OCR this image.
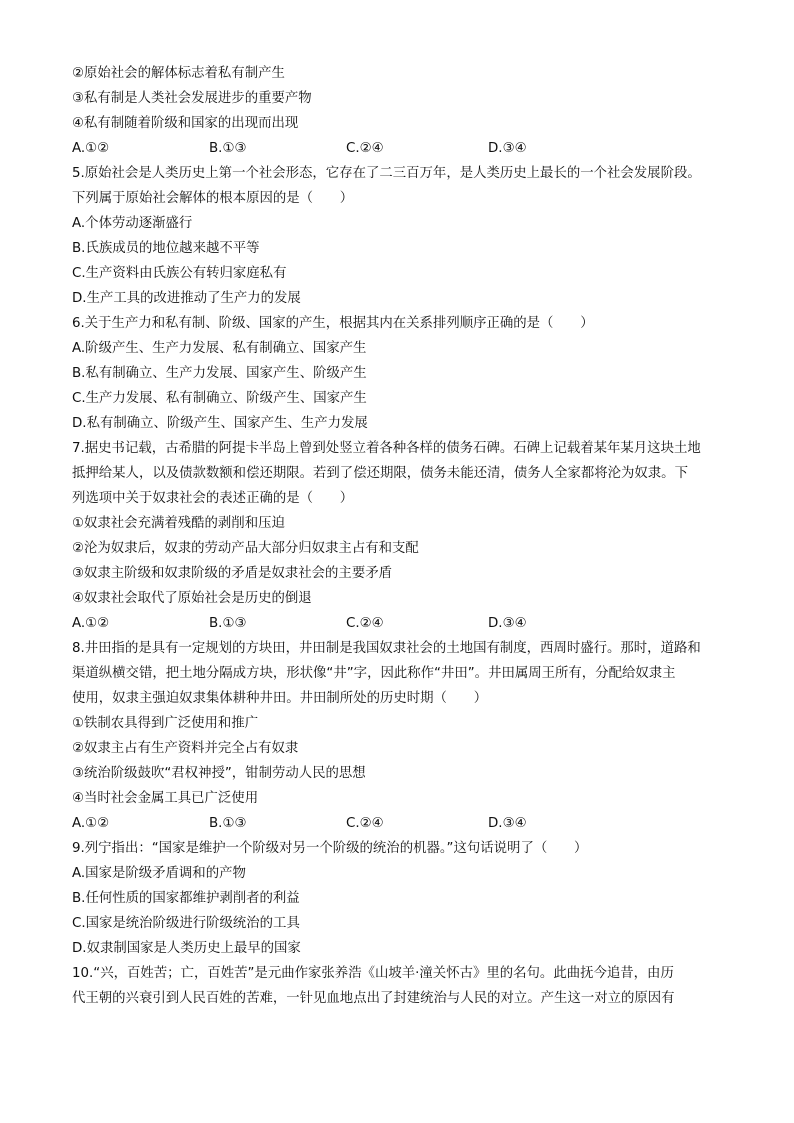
②原始社会的解体标志着私有制产生
③私有制是人类社会发展进步的重要产物
④私有制随着阶级和国家的出现而出现
A.①②	B.①③	C.②④	D.③④
5.原始社会是人类历史上第一个社会形态，它存在了二三百万年，是人类历史上最长的一个社会发展阶段。
下列属于原始社会解体的根本原因的是（　　）
A.个体劳动逐渐盛行
B.氏族成员的地位越来越不平等
C.生产资料由氏族公有转归家庭私有
D.生产工具的改进推动了生产力的发展
6.关于生产力和私有制、阶级、国家的产生，根据其内在关系排列顺序正确的是（　　）
A.阶级产生、生产力发展、私有制确立、国家产生
B.私有制确立、生产力发展、国家产生、阶级产生
C.生产力发展、私有制确立、阶级产生、国家产生
D.私有制确立、阶级产生、国家产生、生产力发展
7.据史书记载，古希腊的阿提卡半岛上曾到处竖立着各种各样的债务石碑。石碑上记载着某年某月这块土地
抵押给某人，以及债款数额和偿还期限。若到了偿还期限，债务未能还清，债务人全家都将沦为奴隶。下
列选项中关于奴隶社会的表述正确的是（　　）
①奴隶社会充满着残酷的剥削和压迫
②沦为奴隶后，奴隶的劳动产品大部分归奴隶主占有和支配
③奴隶主阶级和奴隶阶级的矛盾是奴隶社会的主要矛盾
④奴隶社会取代了原始社会是历史的倒退
A.①②	B.①③	C.②④	D.③④
8.井田指的是具有一定规划的方块田，井田制是我国奴隶社会的土地国有制度，西周时盛行。那时，道路和
渠道纵横交错，把土地分隔成方块，形状像“井”字，因此称作“井田”。井田属周王所有，分配给奴隶主
使用，奴隶主强迫奴隶集体耕种井田。井田制所处的历史时期（　　）
①铁制农具得到广泛使用和推广
②奴隶主占有生产资料并完全占有奴隶
③统治阶级鼓吹“君权神授”，钳制劳动人民的思想
④当时社会金属工具已广泛使用
A.①②	B.①③	C.②④	D.③④
9.列宁指出：“国家是维护一个阶级对另一个阶级的统治的机器。”这句话说明了（　　）
A.国家是阶级矛盾调和的产物
B.任何性质的国家都维护剥削者的利益
C.国家是统治阶级进行阶级统治的工具
D.奴隶制国家是人类历史上最早的国家
10.“兴，百姓苦；亡，百姓苦”是元曲作家张养浩《山坡羊·潼关怀古》里的名句。此曲抚今追昔，由历
代王朝的兴衰引到人民百姓的苦难，一针见血地点出了封建统治与人民的对立。产生这一对立的原因有
